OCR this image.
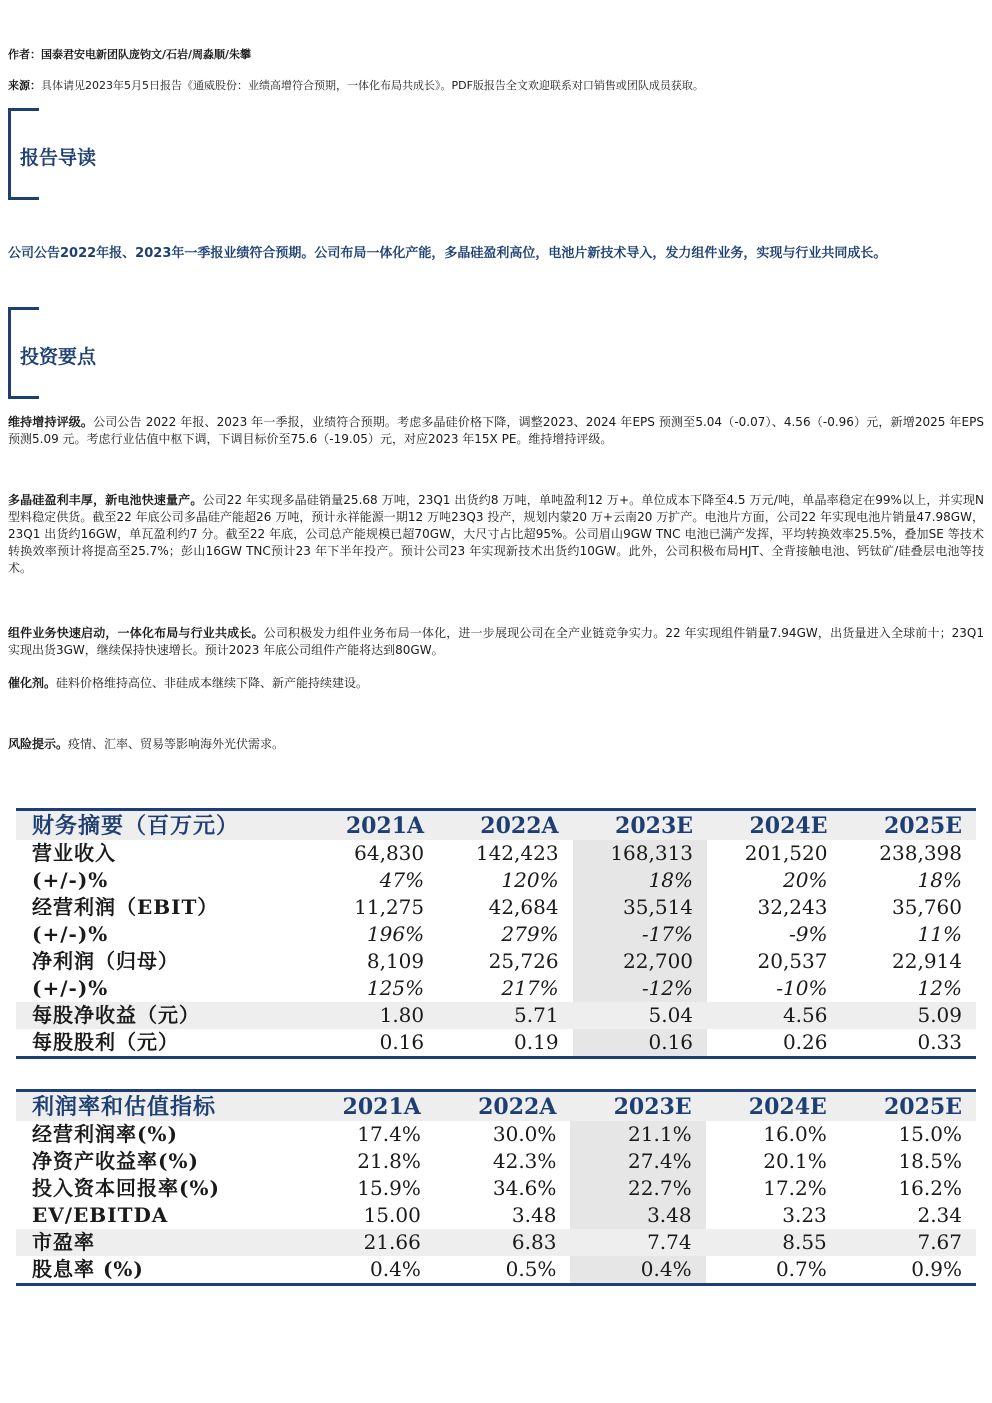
作者：国泰君安电新团队庞钧文/石岩/周淼顺/朱攀
来源：具体请见2023年5月5日报告《通威股份：业绩高增符合预期，一体化布局共成长》。PDF版报告全文欢迎联系对口销售或团队成员获取。
报告导读
公司公告2022年报、2023年一季报业绩符合预期。公司布局一体化产能，多晶硅盈利高位，电池片新技术导入，发力组件业务，实现与行业共同成长。
投资要点
维持增持评级。公司公告 2022 年报、2023 年一季报，业绩符合预期。考虑多晶硅价格下降，调整2023、2024 年EPS 预测至5.04（-0.07）、4.56（-0.96）元，新增2025 年EPS 预测5.09 元。考虑行业估值中枢下调，下调目标价至75.6（-19.05）元，对应2023 年15X PE。维持增持评级。
多晶硅盈利丰厚，新电池快速量产。公司22 年实现多晶硅销量25.68 万吨，23Q1 出货约8 万吨，单吨盈利12 万+。单位成本下降至4.5 万元/吨，单晶率稳定在99%以上，并实现N 型料稳定供货。截至22 年底公司多晶硅产能超26 万吨，预计永祥能源一期12 万吨23Q3 投产，规划内蒙20 万+云南20 万扩产。电池片方面，公司22 年实现电池片销量47.98GW，23Q1 出货约16GW，单瓦盈利约7 分。截至22 年底，公司总产能规模已超70GW，大尺寸占比超95%。公司眉山9GW TNC 电池已满产发挥，平均转换效率25.5%，叠加SE 等技术转换效率预计将提高至25.7%；彭山16GW TNC预计23 年下半年投产。预计公司23 年实现新技术出货约10GW。此外，公司积极布局HJT、全背接触电池、钙钛矿/硅叠层电池等技术。
组件业务快速启动，一体化布局与行业共成长。公司积极发力组件业务布局一体化，进一步展现公司在全产业链竞争实力。22 年实现组件销量7.94GW，出货量进入全球前十；23Q1 实现出货3GW，继续保持快速增长。预计2023 年底公司组件产能将达到80GW。
催化剂。硅料价格维持高位、非硅成本继续下降、新产能持续建设。
风险提示。疫情、汇率、贸易等影响海外光伏需求。
财务摘要（百万元）	2021A	2022A	2023E	2024E	2025E
营业收入	64,830	142,423	168,313	201,520	238,398
(+/-)%	47%	120%	18%	20%	18%
经营利润（EBIT）	11,275	42,684	35,514	32,243	35,760
(+/-)%	196%	279%	-17%	-9%	11%
净利润（归母）	8,109	25,726	22,700	20,537	22,914
(+/-)%	125%	217%	-12%	-10%	12%
每股净收益（元）	1.80	5.71	5.04	4.56	5.09
每股股利（元）	0.16	0.19	0.16	0.26	0.33
利润率和估值指标	2021A	2022A	2023E	2024E	2025E
经营利润率(%)	17.4%	30.0%	21.1%	16.0%	15.0%
净资产收益率(%)	21.8%	42.3%	27.4%	20.1%	18.5%
投入资本回报率(%)	15.9%	34.6%	22.7%	17.2%	16.2%
EV/EBITDA	15.00	3.48	3.48	3.23	2.34
市盈率	21.66	6.83	7.74	8.55	7.67
股息率 (%)	0.4%	0.5%	0.4%	0.7%	0.9%
